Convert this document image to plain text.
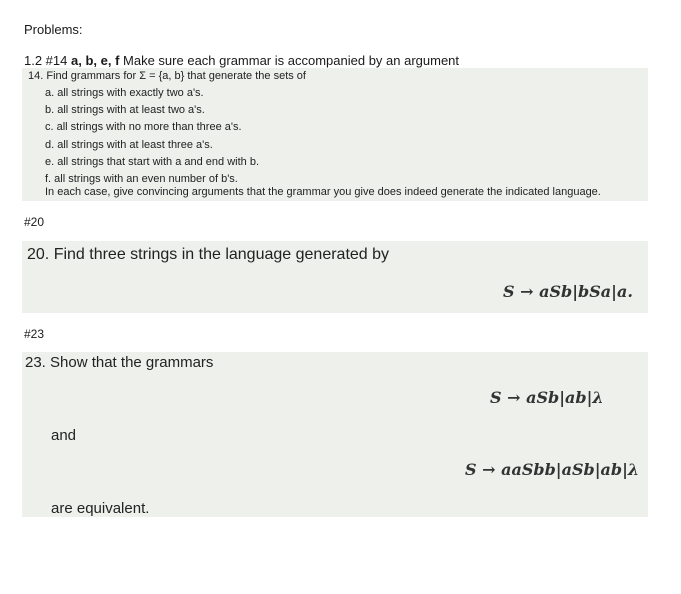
Problems:
1.2 #14 a, b, e, f Make sure each grammar is accompanied by an argument
14. Find grammars for Σ = {a, b} that generate the sets of
a. all strings with exactly two a's.
b. all strings with at least two a's.
c. all strings with no more than three a's.
d. all strings with at least three a's.
e. all strings that start with a and end with b.
f. all strings with an even number of b's.
In each case, give convincing arguments that the grammar you give does indeed generate the indicated language.
#20
20. Find three strings in the language generated by
S → aSb|bSa|a.
#23
23. Show that the grammars
S → aSb|ab|λ
and
S → aaSbb|aSb|ab|λ
are equivalent.
